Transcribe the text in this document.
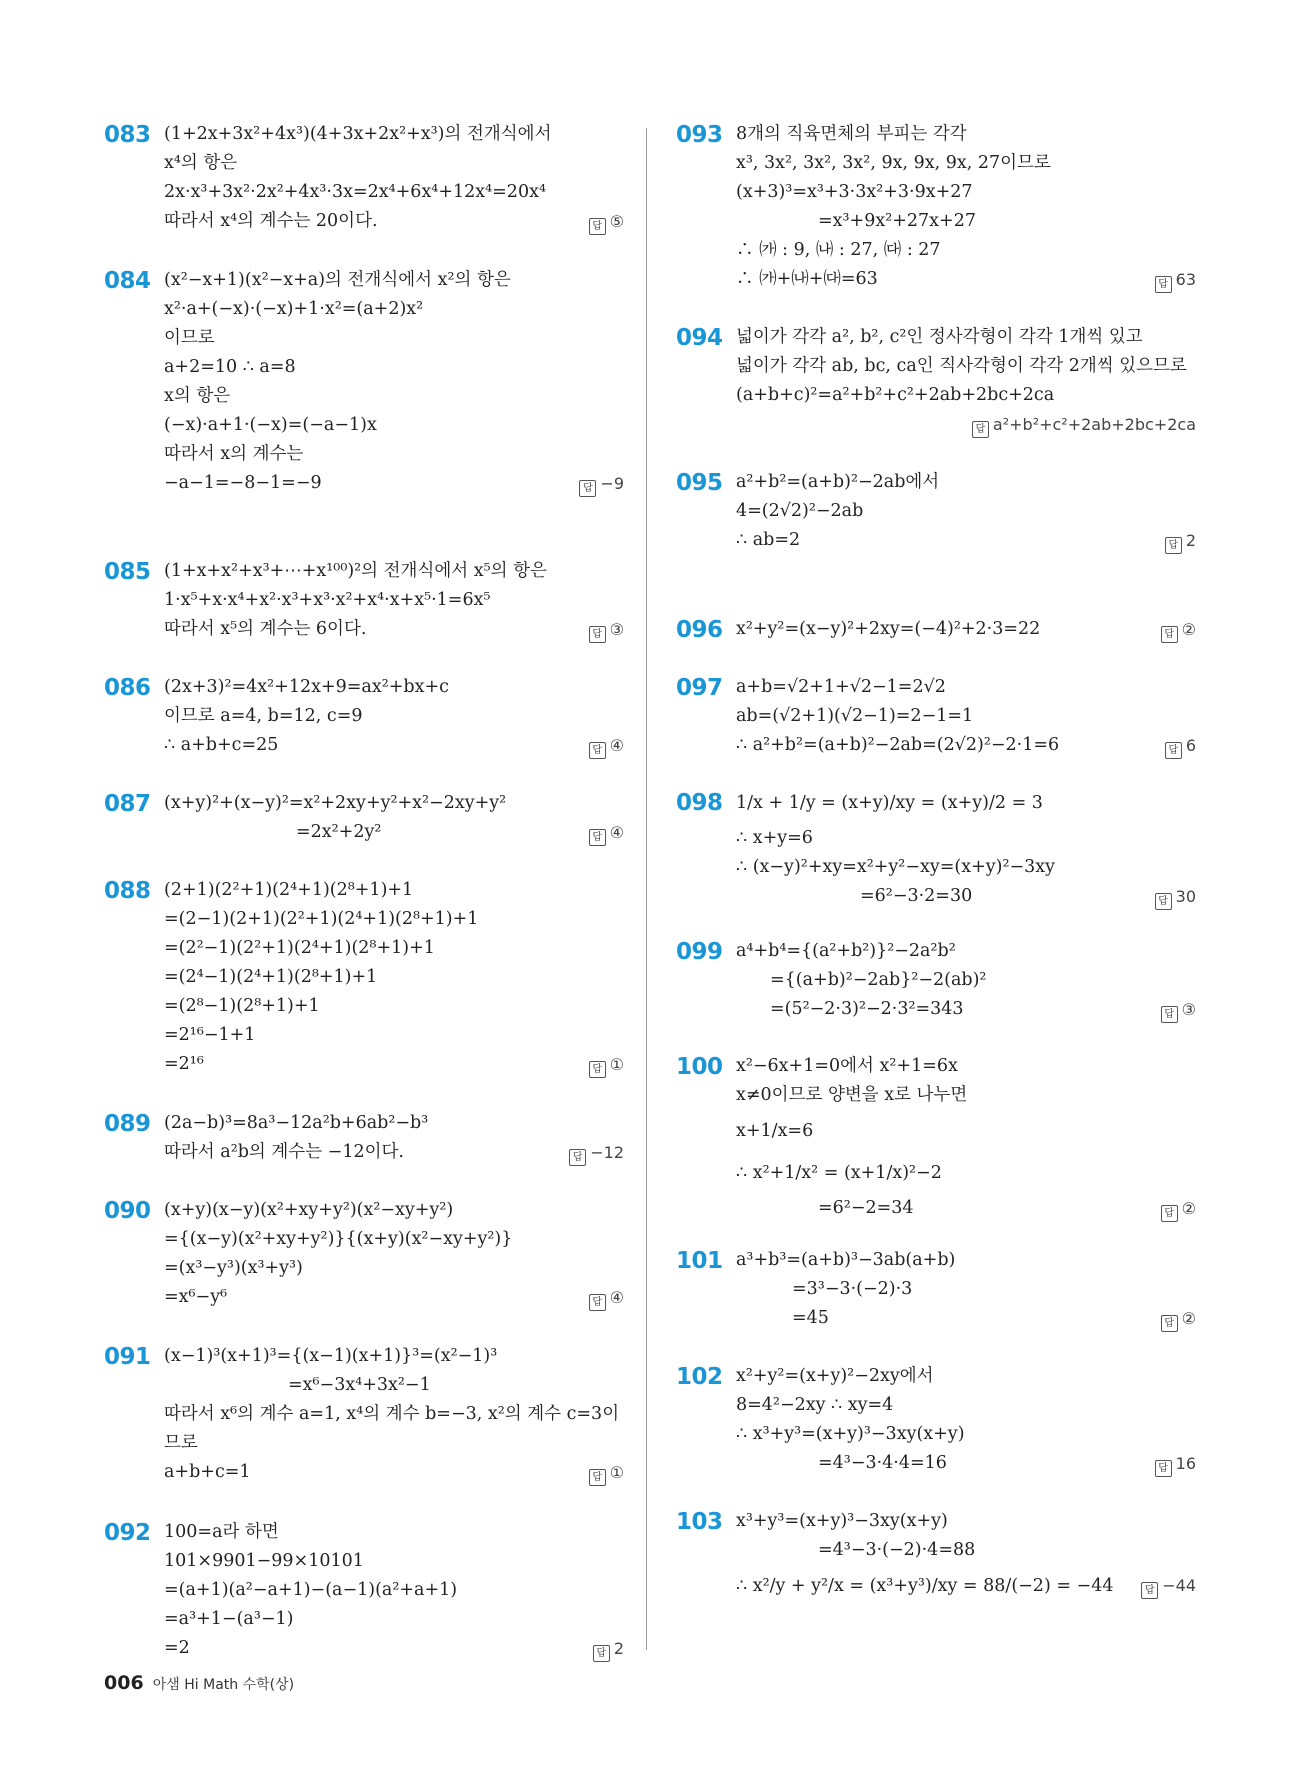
083 (1+2x+3x²+4x³)(4+3x+2x²+x³)의 전개식에서
x⁴의 항은
2x·x³+3x²·2x²+4x³·3x=2x⁴+6x⁴+12x⁴=20x⁴
따라서 x⁴의 계수는 20이다.	답 ⑤
084 (x²−x+1)(x²−x+a)의 전개식에서 x²의 항은
x²·a+(−x)·(−x)+1·x²=(a+2)x²
이므로
a+2=10 ∴ a=8
x의 항은
(−x)·a+1·(−x)=(−a−1)x
따라서 x의 계수는
−a−1=−8−1=−9	답 −9
085 (1+x+x²+x³+⋯+x¹⁰⁰)²의 전개식에서 x⁵의 항은
1·x⁵+x·x⁴+x²·x³+x³·x²+x⁴·x+x⁵·1=6x⁵
따라서 x⁵의 계수는 6이다.	답 ③
086 (2x+3)²=4x²+12x+9=ax²+bx+c
이므로 a=4, b=12, c=9
∴ a+b+c=25	답 ④
087 (x+y)²+(x−y)²=x²+2xy+y²+x²−2xy+y²
=2x²+2y²	답 ④
088 (2+1)(2²+1)(2⁴+1)(2⁸+1)+1
=(2−1)(2+1)(2²+1)(2⁴+1)(2⁸+1)+1
=(2²−1)(2²+1)(2⁴+1)(2⁸+1)+1
=(2⁴−1)(2⁴+1)(2⁸+1)+1
=(2⁸−1)(2⁸+1)+1
=2¹⁶−1+1
=2¹⁶	답 ①
089 (2a−b)³=8a³−12a²b+6ab²−b³
따라서 a²b의 계수는 −12이다.	답 −12
090 (x+y)(x−y)(x²+xy+y²)(x²−xy+y²)
={(x−y)(x²+xy+y²)}{(x+y)(x²−xy+y²)}
=(x³−y³)(x³+y³)
=x⁶−y⁶	답 ④
091 (x−1)³(x+1)³={(x−1)(x+1)}³=(x²−1)³
=x⁶−3x⁴+3x²−1
따라서 x⁶의 계수 a=1, x⁴의 계수 b=−3, x²의 계수 c=3이
므로
a+b+c=1	답 ①
092 100=a라 하면
101×9901−99×10101
=(a+1)(a²−a+1)−(a−1)(a²+a+1)
=a³+1−(a³−1)
=2	답 2
093 8개의 직육면체의 부피는 각각
x³, 3x², 3x², 3x², 9x, 9x, 9x, 27이므로
(x+3)³=x³+3·3x²+3·9x+27
=x³+9x²+27x+27
∴ ㈎ : 9, ㈏ : 27, ㈐ : 27
∴ ㈎+㈏+㈐=63	답 63
094 넓이가 각각 a², b², c²인 정사각형이 각각 1개씩 있고
넓이가 각각 ab, bc, ca인 직사각형이 각각 2개씩 있으므로
(a+b+c)²=a²+b²+c²+2ab+2bc+2ca
답 a²+b²+c²+2ab+2bc+2ca
095 a²+b²=(a+b)²−2ab에서
4=(2√2)²−2ab
∴ ab=2	답 2
096 x²+y²=(x−y)²+2xy=(−4)²+2·3=22	답 ②
097 a+b=√2+1+√2−1=2√2
ab=(√2+1)(√2−1)=2−1=1
∴ a²+b²=(a+b)²−2ab=(2√2)²−2·1=6	답 6
098 1/x + 1/y = (x+y)/xy = (x+y)/2 = 3
∴ x+y=6
∴ (x−y)²+xy=x²+y²−xy=(x+y)²−3xy
=6²−3·2=30	답 30
099 a⁴+b⁴={(a²+b²)}²−2a²b²
={(a+b)²−2ab}²−2(ab)²
=(5²−2·3)²−2·3²=343	답 ③
100 x²−6x+1=0에서 x²+1=6x
x≠0이므로 양변을 x로 나누면
x+1/x=6
∴ x²+1/x² = (x+1/x)²−2
=6²−2=34	답 ②
101 a³+b³=(a+b)³−3ab(a+b)
=3³−3·(−2)·3
=45	답 ②
102 x²+y²=(x+y)²−2xy에서
8=4²−2xy ∴ xy=4
∴ x³+y³=(x+y)³−3xy(x+y)
=4³−3·4·4=16	답 16
103 x³+y³=(x+y)³−3xy(x+y)
=4³−3·(−2)·4=88
∴ x²/y + y²/x = (x³+y³)/xy = 88/(−2) = −44	답 −44
006 아샘 Hi Math 수학(상)
